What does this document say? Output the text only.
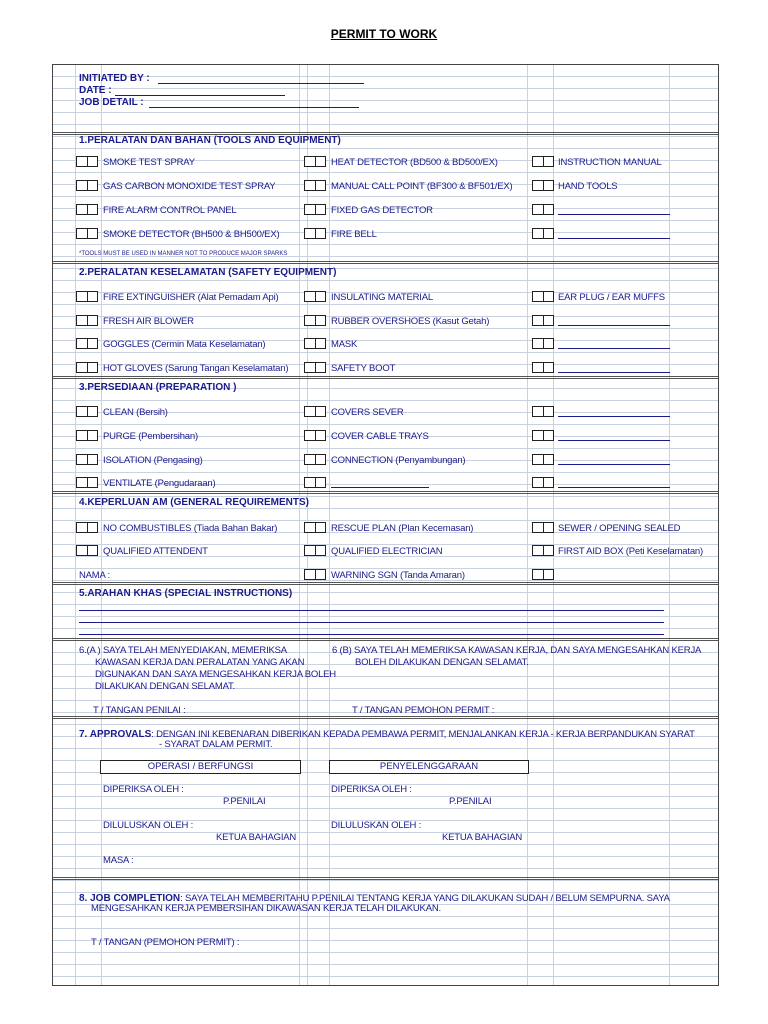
PERMIT TO WORK
INITIATED BY :
DATE :
JOB DETAIL :
1.PERALATAN DAN BAHAN (TOOLS AND EQUIPMENT)
SMOKE TEST SPRAY	HEAT DETECTOR (BD500 & BD500/EX)	INSTRUCTION MANUAL
GAS CARBON MONOXIDE TEST SPRAY	MANUAL CALL POINT (BF300 & BF501/EX)	HAND TOOLS
FIRE ALARM CONTROL PANEL	FIXED GAS DETECTOR
SMOKE DETECTOR (BH500 & BH500/EX)	FIRE BELL
*TOOLS MUST BE USED IN MANNER NOT TO PRODUCE MAJOR SPARKS
2.PERALATAN KESELAMATAN (SAFETY EQUIPMENT)
FIRE EXTINGUISHER (Alat Pemadam Api)	INSULATING MATERIAL	EAR PLUG / EAR MUFFS
FRESH AIR BLOWER	RUBBER OVERSHOES (Kasut Getah)
GOGGLES (Cermin Mata Keselamatan)	MASK
HOT GLOVES (Sarung Tangan Keselamatan)	SAFETY BOOT
3.PERSEDIAAN (PREPARATION )
CLEAN (Bersih)	COVERS SEVER
PURGE (Pembersihan)	COVER CABLE TRAYS
ISOLATION (Pengasing)	CONNECTION (Penyambungan)
VENTILATE (Pengudaraan)
4.KEPERLUAN AM (GENERAL REQUIREMENTS)
NO COMBUSTIBLES (Tiada Bahan Bakar)	RESCUE PLAN (Plan Kecemasan)	SEWER / OPENING SEALED
QUALIFIED ATTENDENT	QUALIFIED ELECTRICIAN	FIRST AID BOX (Peti Keselamatan)
NAMA :	WARNING SGN (Tanda Amaran)
5.ARAHAN KHAS (SPECIAL INSTRUCTIONS)
6.(A ) SAYA TELAH MENYEDIAKAN, MEMERIKSA
KAWASAN KERJA DAN PERALATAN YANG AKAN
DIGUNAKAN DAN SAYA MENGESAHKAN KERJA BOLEH
DILAKUKAN DENGAN SELAMAT.
T / TANGAN PENILAI :
6 (B) SAYA TELAH MEMERIKSA KAWASAN KERJA, DAN SAYA MENGESAHKAN KERJA
BOLEH DILAKUKAN DENGAN SELAMAT.
T / TANGAN PEMOHON PERMIT :
7. APPROVALS: DENGAN INI KEBENARAN DIBERIKAN KEPADA PEMBAWA PERMIT, MENJALANKAN KERJA - KERJA BERPANDUKAN SYARAT
- SYARAT DALAM PERMIT.
OPERASI / BERFUNGSI	PENYELENGGARAAN
DIPERIKSA OLEH :
P.PENILAI
DIPERIKSA OLEH :
P.PENILAI
DILULUSKAN OLEH :
KETUA BAHAGIAN
DILULUSKAN OLEH :
KETUA BAHAGIAN
MASA :
8. JOB COMPLETION: SAYA TELAH MEMBERITAHU P.PENILAI TENTANG KERJA YANG DILAKUKAN SUDAH / BELUM SEMPURNA. SAYA
MENGESAHKAN KERJA PEMBERSIHAN DIKAWASAN KERJA TELAH DILAKUKAN.
T / TANGAN (PEMOHON PERMIT) :
